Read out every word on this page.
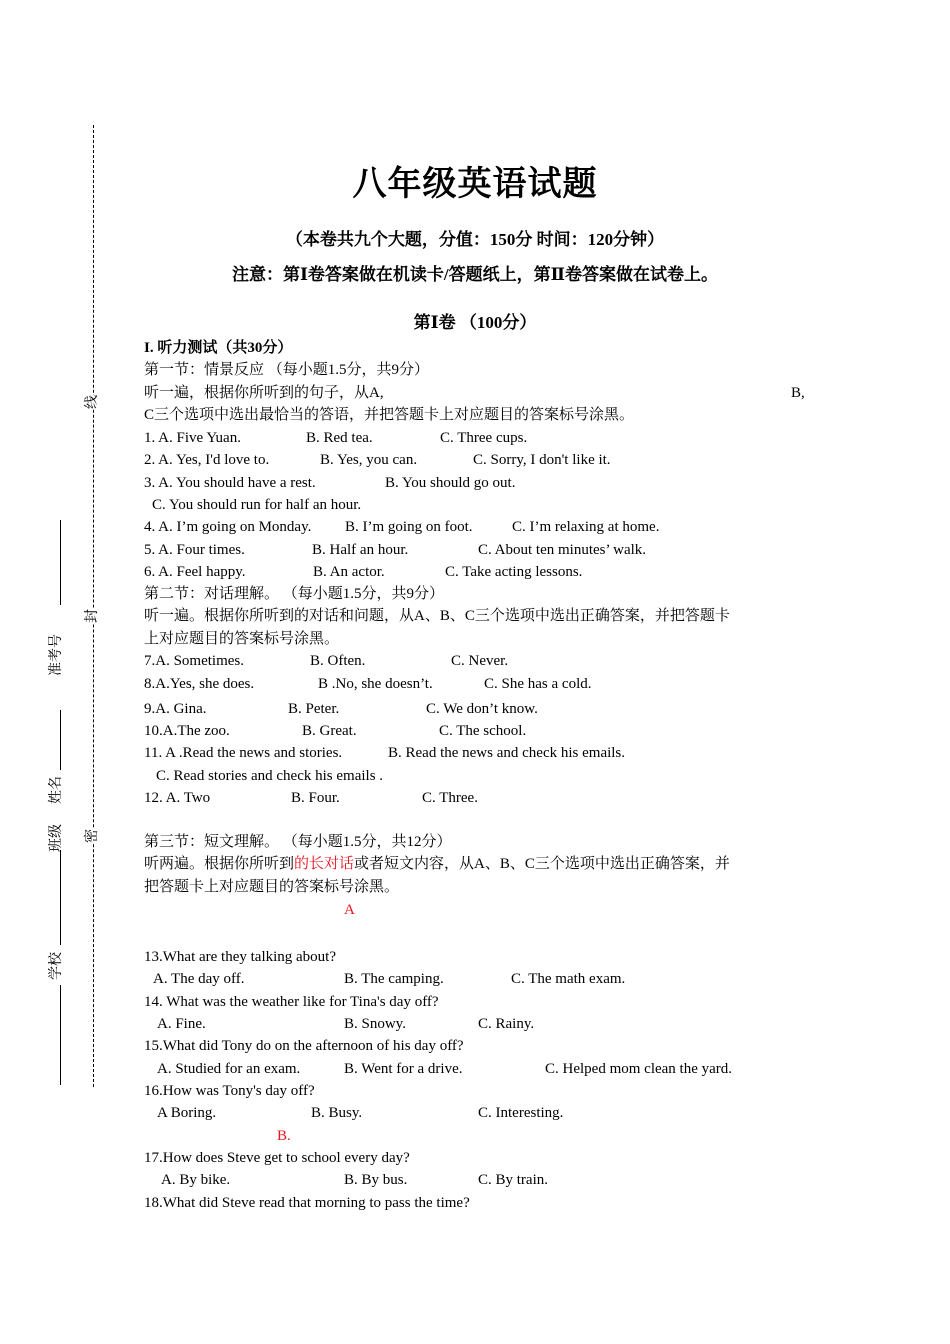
线
封
密
准考号
姓名
班级
学校
八年级英语试题
（本卷共九个大题，分值：150分 时间：120分钟）
注意：第Ⅰ卷答案做在机读卡/答题纸上，第Ⅱ卷答案做在试卷上。
第Ⅰ卷 （100分）
I. 听力测试（共30分）
第一节：情景反应 （每小题1.5分，共9分）
听一遍，根据你所听到的句子，从A,	B,
C三个选项中选出最恰当的答语，并把答题卡上对应题目的答案标号涂黑。
1. A. Five Yuan.	B. Red tea.	C. Three cups.
2. A. Yes, I'd love to.	B. Yes, you can.	C. Sorry, I don't like it.
3. A. You should have a rest.	B. You should go out.
C. You should run for half an hour.
4. A. I’m going on Monday. B. I’m going on foot.	C. I’m relaxing at home.
5. A. Four times.	B. Half an hour.	C. About ten minutes’ walk.
6. A. Feel happy.	B. An actor.	C. Take acting lessons.
第二节：对话理解。 （每小题1.5分，共9分）
听一遍。根据你所听到的对话和问题，从A、B、C三个选项中选出正确答案，并把答题卡
上对应题目的答案标号涂黑。
7.A. Sometimes.	B. Often.	C. Never.
8.A.Yes, she does.	B .No, she doesn’t.	C. She has a cold.
9.A. Gina.	B. Peter.	C. We don’t know.
10.A.The zoo.	B. Great.	C. The school.
11. A .Read the news and stories.	B. Read the news and check his emails.
C. Read stories and check his emails .
12. A. Two	B. Four.	C. Three.
第三节：短文理解。 （每小题1.5分，共12分）
听两遍。根据你所听到的长对话或者短文内容，从A、B、C三个选项中选出正确答案，并
把答题卡上对应题目的答案标号涂黑。
A
13.What are they talking about?
A. The day off.	B. The camping.	C. The math exam.
14. What was the weather like for Tina's day off?
A. Fine.	B. Snowy.	C. Rainy.
15.What did Tony do on the afternoon of his day off?
A. Studied for an exam.	B. Went for a drive.	C. Helped mom clean the yard.
16.How was Tony's day off?
A Boring.	B. Busy.	C. Interesting.
B.
17.How does Steve get to school every day?
A. By bike.	B. By bus.	C. By train.
18.What did Steve read that morning to pass the time?
